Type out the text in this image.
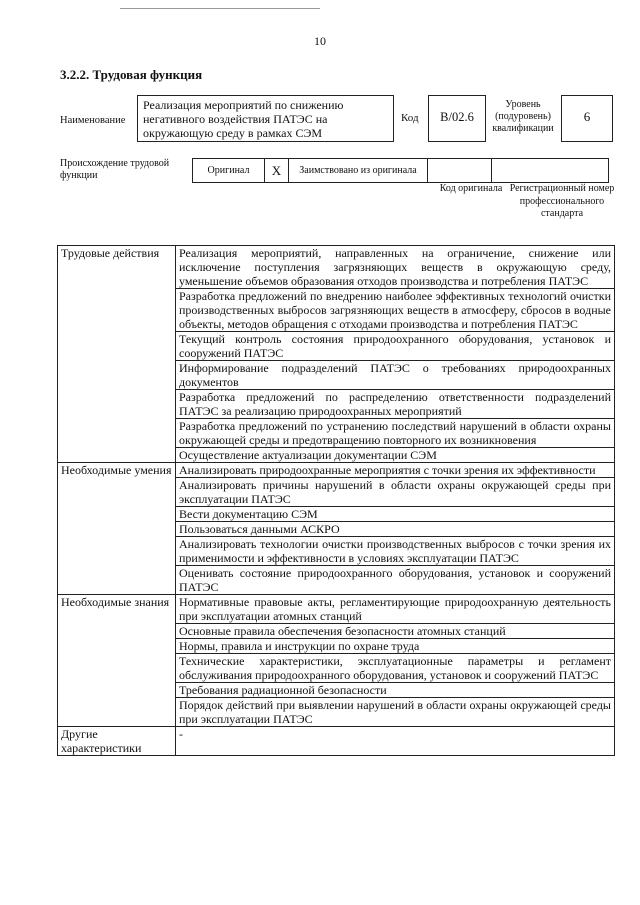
10
3.2.2. Трудовая функция
Наименование
Реализация мероприятий по снижению негативного воздействия ПАТЭС на окружающую среду в рамках СЭМ
Код	B/02.6
Уровень (подуровень) квалификации
6
Происхождение трудовой функции	Оригинал	X	Заимствовано из оригинала
Код оригинала Регистрационный номер профессионального стандарта
Трудовые действия	Реализация мероприятий, направленных на ограничение, снижение или исключение поступления загрязняющих веществ в окружающую среду, уменьшение объемов образования отходов производства и потребления ПАТЭС
	Разработка предложений по внедрению наиболее эффективных технологий очистки производственных выбросов загрязняющих веществ в атмосферу, сбросов в водные объекты, методов обращения с отходами производства и потребления ПАТЭС
	Текущий контроль состояния природоохранного оборудования, установок и сооружений ПАТЭС
	Информирование подразделений ПАТЭС о требованиях природоохранных документов
	Разработка предложений по распределению ответственности подразделений ПАТЭС за реализацию природоохранных мероприятий
	Разработка предложений по устранению последствий нарушений в области охраны окружающей среды и предотвращению повторного их возникновения
	Осуществление актуализации документации СЭМ
Необходимые умения	Анализировать природоохранные мероприятия с точки зрения их эффективности
	Анализировать причины нарушений в области охраны окружающей среды при эксплуатации ПАТЭС
	Вести документацию СЭМ
	Пользоваться данными АСКРО
	Анализировать технологии очистки производственных выбросов с точки зрения их применимости и эффективности в условиях эксплуатации ПАТЭС
	Оценивать состояние природоохранного оборудования, установок и сооружений ПАТЭС
Необходимые знания	Нормативные правовые акты, регламентирующие природоохранную деятельность при эксплуатации атомных станций
	Основные правила обеспечения безопасности атомных станций
	Нормы, правила и инструкции по охране труда
	Технические характеристики, эксплуатационные параметры и регламент обслуживания природоохранного оборудования, установок и сооружений ПАТЭС
	Требования радиационной безопасности
	Порядок действий при выявлении нарушений в области охраны окружающей среды при эксплуатации ПАТЭС
Другие характеристики	-
